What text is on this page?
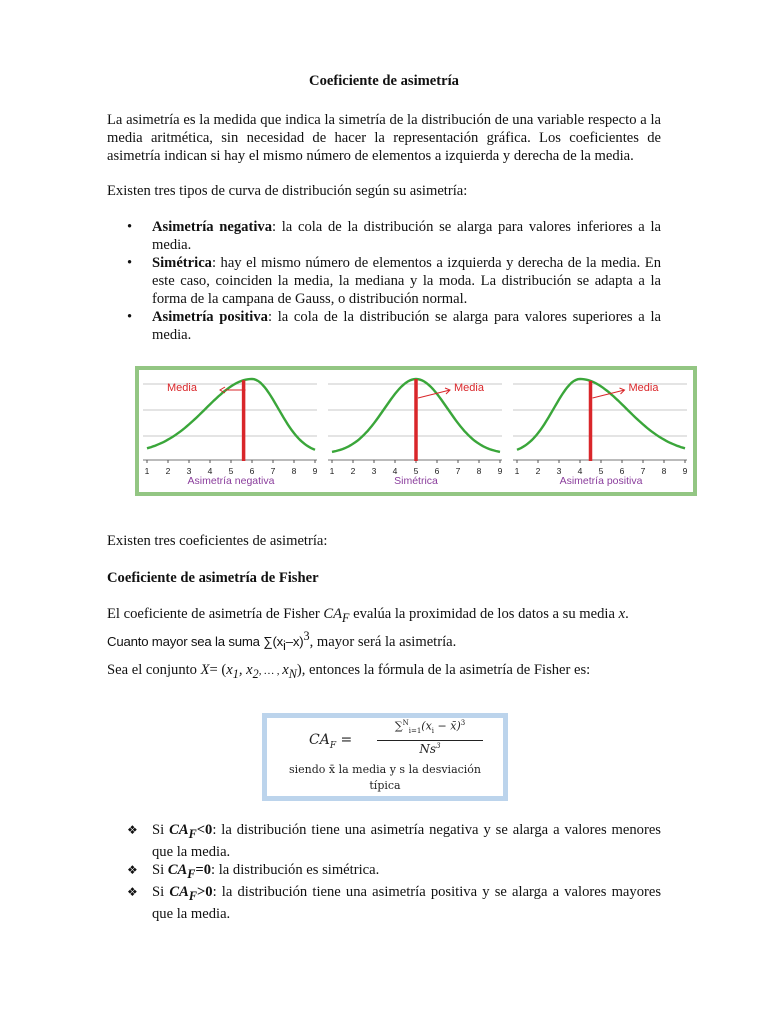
Coeficiente de asimetría

La asimetría es la medida que indica la simetría de la distribución de una variable respecto a la media aritmética, sin necesidad de hacer la representación gráfica. Los coeficientes de asimetría indican si hay el mismo número de elementos a izquierda y derecha de la media.

Existen tres tipos de curva de distribución según su asimetría:

• Asimetría negativa: la cola de la distribución se alarga para valores inferiores a la media.
• Simétrica: hay el mismo número de elementos a izquierda y derecha de la media. En este caso, coinciden la media, la mediana y la moda. La distribución se adapta a la forma de la campana de Gauss, o distribución normal.
• Asimetría positiva: la cola de la distribución se alarga para valores superiores a la media.
1 2 3 4 5 6 7 8 9
Media
Asimetría negativa
1 2 3 4 5 6 7 8 9
Media
Simétrica
1 2 3 4 5 6 7 8 9
Media
Asimetría positiva

Existen tres coeficientes de asimetría:

Coeficiente de asimetría de Fisher

El coeficiente de asimetría de Fisher $CA_F$ evalúa la proximidad de los datos a su media x.
Cuanto mayor sea la suma $\sum(x_i-x)^3$, mayor será la asimetría.

Sea el conjunto $X= (x_1$, $x_2$, … , $x_N$), entonces la fórmula de la asimetría de Fisher es:

$CA_F$ =
$\sum^N_{i=1}(x_i$ − x̄)$^3$
Ns$^3$
siendo x̄ la media y s la desviación típica
❖ Si $CA_F<0$: la distribución tiene una asimetría negativa y se alarga a valores menores que la media.
❖ Si $CA_F=0$: la distribución es simétrica.
❖ Si $CA_F>0$: la distribución tiene una asimetría positiva y se alarga a valores mayores que la media.
